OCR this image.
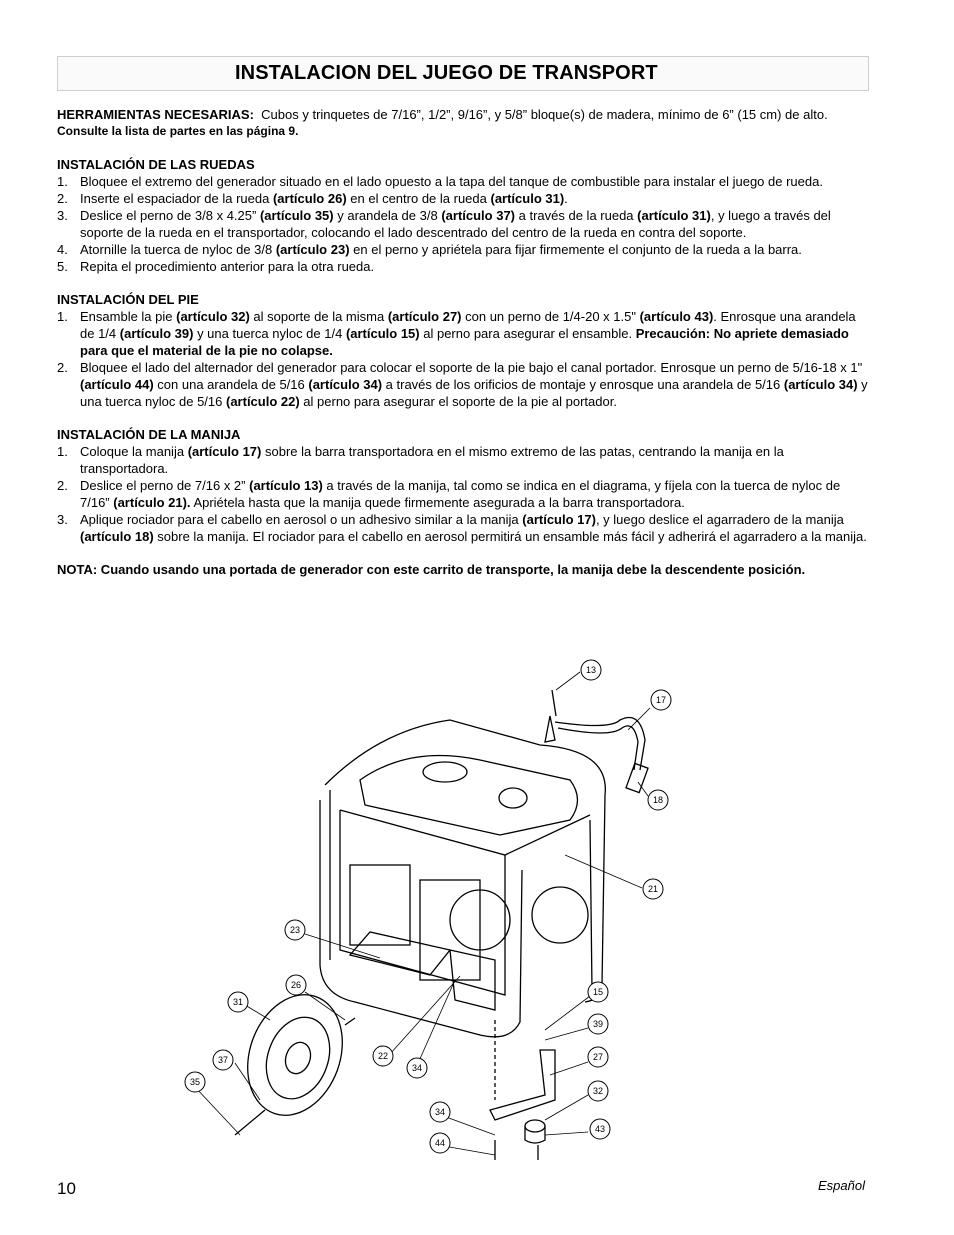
INSTALACION DEL JUEGO DE TRANSPORT

HERRAMIENTAS NECESARIAS: Cubos y trinquetes de 7/16”, 1/2”, 9/16”, y 5/8” bloque(s) de madera, mínimo de 6” (15 cm) de alto.

Consulte la lista de partes en las página 9.

INSTALACIÓN DE LAS RUEDAS

1. Bloquee el extremo del generador situado en el lado opuesto a la tapa del tanque de combustible para instalar el juego de rueda.
2. Inserte el espaciador de la rueda (artículo 26) en el centro de la rueda (artículo 31).
3. Deslice el perno de 3/8 x 4.25” (artículo 35) y arandela de 3/8 (artículo 37) a través de la rueda (artículo 31), y luego a través del soporte de la rueda en el transportador, colocando el lado descentrado del centro de la rueda en contra del soporte.
4. Atornille la tuerca de nyloc de 3/8 (artículo 23) en el perno y apriétela para fijar firmemente el conjunto de la rueda a la barra.
5. Repita el procedimiento anterior para la otra rueda.

INSTALACIÓN DEL PIE

1. Ensamble la pie (artículo 32) al soporte de la misma (artículo 27) con un perno de 1/4-20 x 1.5" (artículo 43). Enrosque una arandela de 1/4 (artículo 39) y una tuerca nyloc de 1/4 (artículo 15) al perno para asegurar el ensamble. Precaución: No apriete demasiado para que el material de la pie no colapse.
2. Bloquee el lado del alternador del generador para colocar el soporte de la pie bajo el canal portador. Enrosque un perno de 5/16-18 x 1" (artículo 44) con una arandela de 5/16 (artículo 34) a través de los orificios de montaje y enrosque una arandela de 5/16 (artículo 34) y una tuerca nyloc de 5/16 (artículo 22) al perno para asegurar el soporte de la pie al portador.

INSTALACIÓN DE LA MANIJA

1. Coloque la manija (artículo 17) sobre la barra transportadora en el mismo extremo de las patas, centrando la manija en la transportadora.
2. Deslice el perno de 7/16 x 2” (artículo 13) a través de la manija, tal como se indica en el diagrama, y fíjela con la tuerca de nyloc de 7/16” (artículo 21). Apriétela hasta que la manija quede firmemente asegurada a la barra transportadora.
3. Aplique rociador para el cabello en aerosol o un adhesivo similar a la manija (artículo 17), y luego deslice el agarradero de la manija (artículo 18) sobre la manija. El rociador para el cabello en aerosol permitirá un ensamble más fácil y adherirá el agarradero a la manija.

NOTA: Cuando usando una portada de generador con este carrito de transporte, la manija debe la descendente posición.

13
17
18
21
23
26
31
37
35
22
34
15
39
27
32
34
43
44
10	Español
